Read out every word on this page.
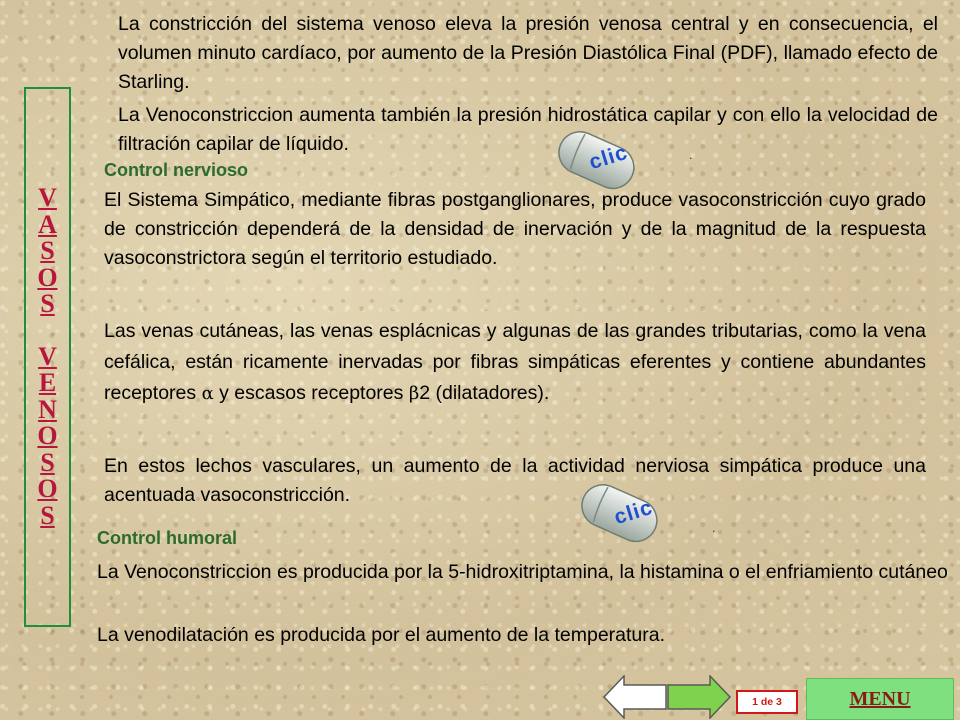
V
A
S
O
S
V
E
N
O
S
O
S

La constricción del sistema venoso eleva la presión venosa central y en consecuencia, el volumen minuto cardíaco, por aumento de la Presión Diastólica Final (PDF), llamado efecto de Starling.

La Venoconstriccion aumenta también la presión hidrostática capilar y con ello la velocidad de filtración capilar de líquido.

Control nervioso	clic	.

El Sistema Simpático, mediante fibras postganglionares, produce vasoconstricción cuyo grado de constricción dependerá de la densidad de inervación y de la magnitud de la respuesta vasoconstrictora según el territorio estudiado.

Las venas cutáneas, las venas esplácnicas y algunas de las grandes tributarias, como la vena cefálica, están ricamente inervadas por fibras simpáticas eferentes y contiene abundantes receptores α y escasos receptores β2 (dilatadores).

En estos lechos vasculares, un aumento de la actividad nerviosa simpática produce una acentuada vasoconstricción.

clic	.
Control humoral

La Venoconstriccion es producida por la 5-hidroxitriptamina, la histamina o el enfriamiento cutáneo

La venodilatación es producida por el aumento de la temperatura.

1 de 3	MENU
